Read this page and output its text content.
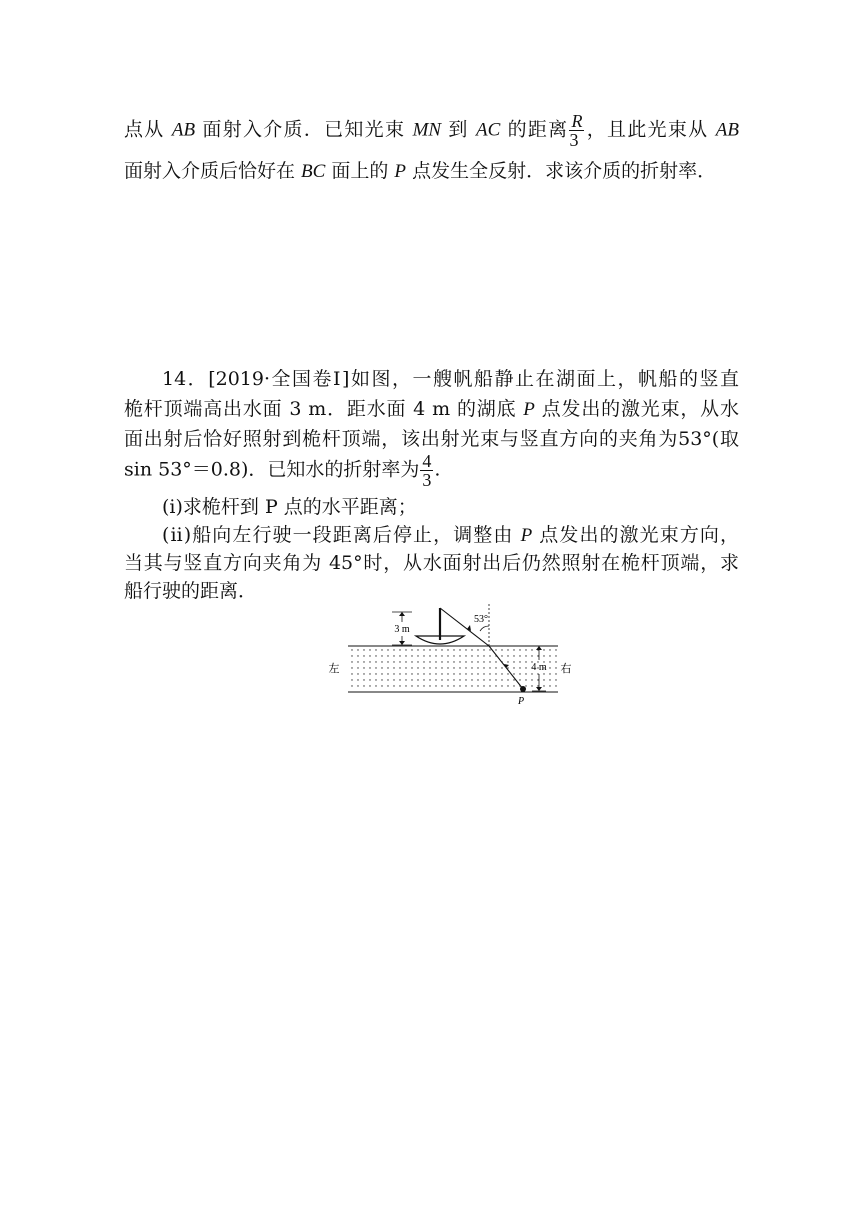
点从 AB 面射入介质．已知光束 MN 到 AC 的距离 $\frac{R}{3}$ ，且此光束从 AB
面射入介质后恰好在 BC 面上的 P 点发生全反射．求该介质的折射率．
14．[2019·全国卷Ⅰ]如图，一艘帆船静止在湖面上，帆船的竖直
桅杆顶端高出水面 3 m．距水面 4 m 的湖底 P 点发出的激光束，从水
面出射后恰好照射到桅杆顶端，该出射光束与竖直方向的夹角为53°(取
sin 53°＝0.8)．已知水的折射率为 $\frac{4}{3}$ .
(ⅰ)求桅杆到 P 点的水平距离；
(ⅱ)船向左行驶一段距离后停止，调整由 P 点发出的激光束方向，
当其与竖直方向夹角为 45°时，从水面射出后仍然照射在桅杆顶端，求
船行驶的距离．
3 m
53°
P
4 m
左	右
